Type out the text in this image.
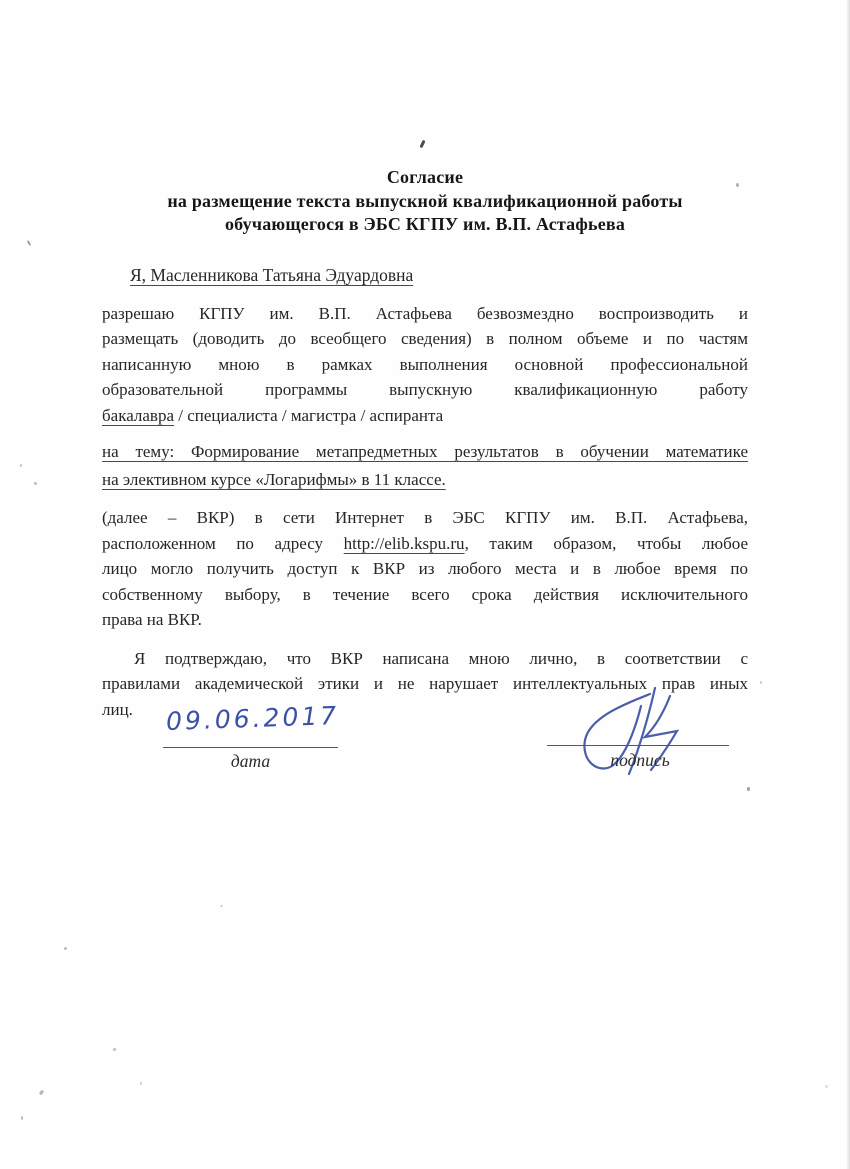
Согласие
на размещение текста выпускной квалификационной работы
обучающегося в ЭБС КГПУ им. В.П. Астафьева
Я, Масленникова Татьяна Эдуардовна
разрешаю КГПУ им. В.П. Астафьева безвозмездно воспроизводить и
размещать (доводить до всеобщего сведения) в полном объеме и по частям
написанную мною в рамках выполнения основной профессиональной
образовательной программы выпускную квалификационную работу
бакалавра / специалиста / магистра / аспиранта
на тему: Формирование метапредметных результатов в обучении математике
на элективном курсе «Логарифмы» в 11 классе.
(далее – ВКР) в сети Интернет в ЭБС КГПУ им. В.П. Астафьева,
расположенном по адресу http://elib.kspu.ru, таким образом, чтобы любое
лицо могло получить доступ к ВКР из любого места и в любое время по
собственному выбору, в течение всего срока действия исключительного
права на ВКР.
Я подтверждаю, что ВКР написана мною лично, в соответствии с
правилами академической этики и не нарушает интеллектуальных прав иных
лиц.	09.06.2017
дата	подпись
